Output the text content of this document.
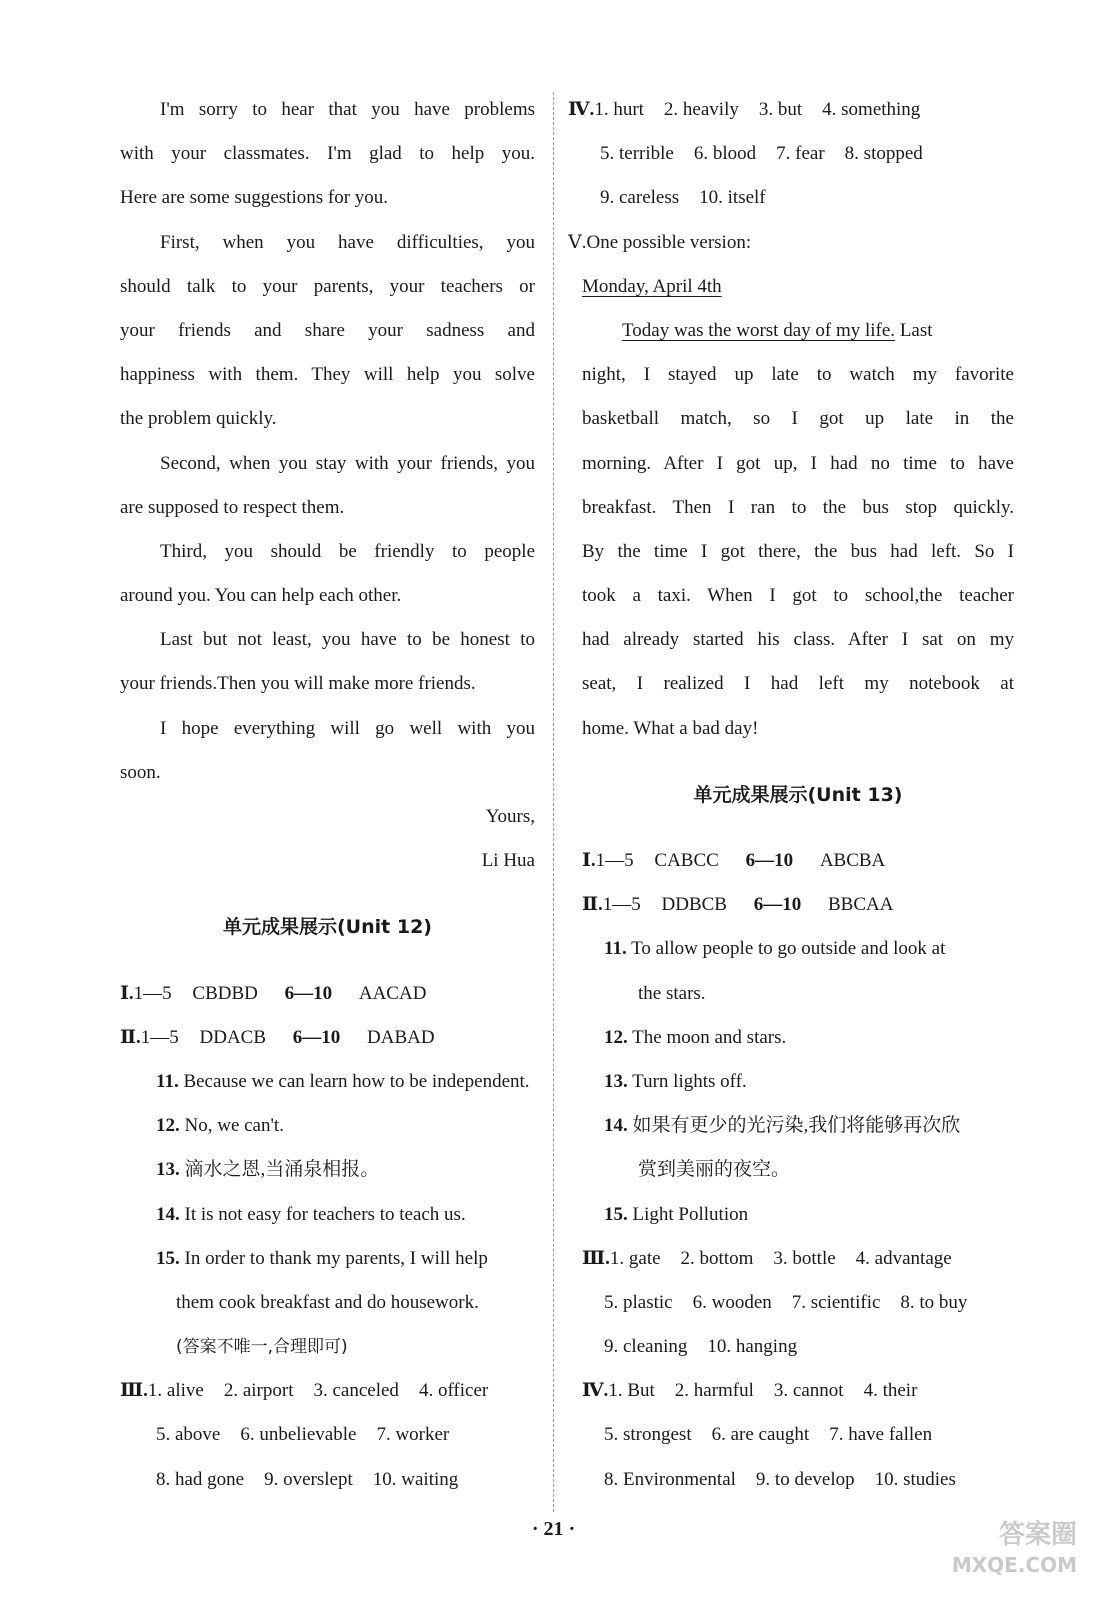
I'm sorry to hear that you have problems
with your classmates. I'm glad to help you.
Here are some suggestions for you.
First, when you have difficulties, you
should talk to your parents, your teachers or
your friends and share your sadness and
happiness with them. They will help you solve
the problem quickly.
Second, when you stay with your friends, you
are supposed to respect them.
Third, you should be friendly to people
around you. You can help each other.
Last but not least, you have to be honest to
your friends.Then you will make more friends.
I hope everything will go well with you
soon.
Yours,
Li Hua
单元成果展示(Unit 12)
Ⅰ.1—5 CBDBD 6—10 AACAD
Ⅱ.1—5 DDACB 6—10 DABAD
11. Because we can learn how to be independent.
12. No, we can't.
13. 滴水之恩,当涌泉相报。
14. It is not easy for teachers to teach us.
15. In order to thank my parents, I will help
them cook breakfast and do housework.
(答案不唯一,合理即可)
Ⅲ.1. alive 2. airport 3. canceled 4. officer
5. above 6. unbelievable 7. worker
8. had gone 9. overslept 10. waiting
Ⅳ.1. hurt 2. heavily 3. but 4. something
5. terrible 6. blood 7. fear 8. stopped
9. careless 10. itself
Ⅴ.One possible version:
Monday, April 4th
Today was the worst day of my life. Last
night, I stayed up late to watch my favorite
basketball match, so I got up late in the
morning. After I got up, I had no time to have
breakfast. Then I ran to the bus stop quickly.
By the time I got there, the bus had left. So I
took a taxi. When I got to school,the teacher
had already started his class. After I sat on my
seat, I realized I had left my notebook at
home. What a bad day!
单元成果展示(Unit 13)
Ⅰ.1—5 CABCC 6—10 ABCBA
Ⅱ.1—5 DDBCB 6—10 BBCAA
11. To allow people to go outside and look at
the stars.
12. The moon and stars.
13. Turn lights off.
14. 如果有更少的光污染,我们将能够再次欣
赏到美丽的夜空。
15. Light Pollution
Ⅲ.1. gate 2. bottom 3. bottle 4. advantage
5. plastic 6. wooden 7. scientific 8. to buy
9. cleaning 10. hanging
Ⅳ.1. But 2. harmful 3. cannot 4. their
5. strongest 6. are caught 7. have fallen
8. Environmental 9. to develop 10. studies
· 21 ·	答案圈
MXQE.COM
